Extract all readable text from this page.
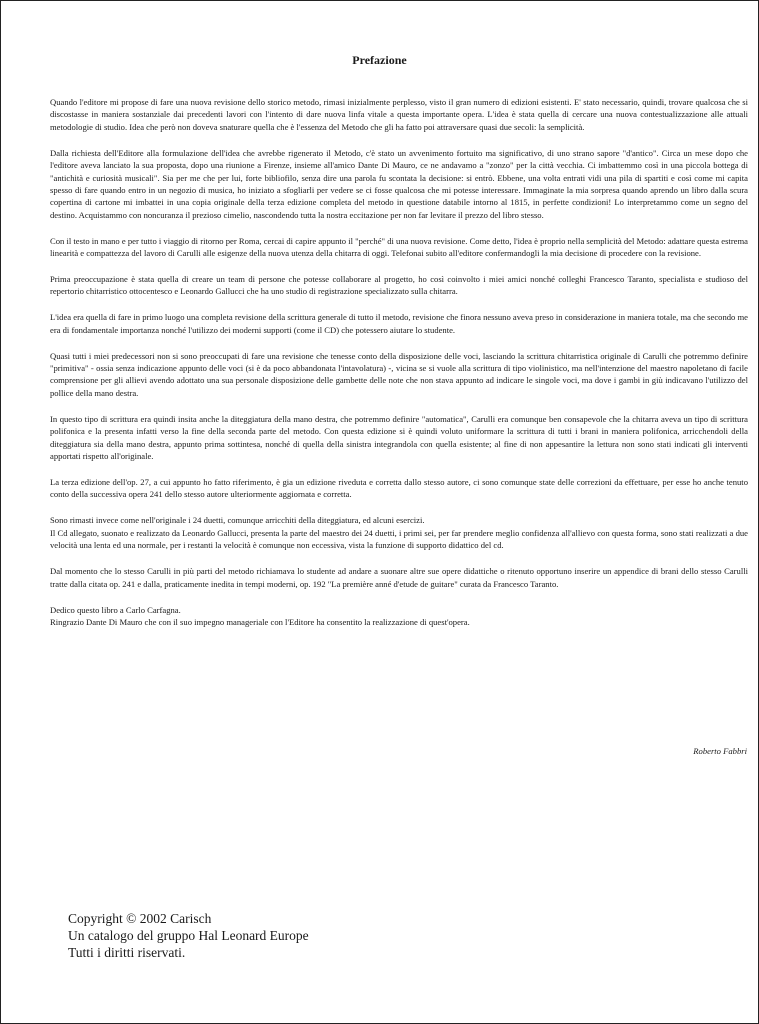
Prefazione

Quando l'editore mi propose di fare una nuova revisione dello storico metodo, rimasi inizialmente perplesso, visto il gran numero di edizioni esistenti. E' stato necessario, quindi, trovare qualcosa che si discostasse in maniera sostanziale dai precedenti lavori con l'intento di dare nuova linfa vitale a questa importante opera. L'idea è stata quella di cercare una nuova contestualizzazione alle attuali metodologie di studio. Idea che però non doveva snaturare quella che è l'essenza del Metodo che gli ha fatto poi attraversare quasi due secoli: la semplicità.

Dalla richiesta dell'Editore alla formulazione dell'idea che avrebbe rigenerato il Metodo, c'è stato un avvenimento fortuito ma significativo, di uno strano sapore "d'antico". Circa un mese dopo che l'editore aveva lanciato la sua proposta, dopo una riunione a Firenze, insieme all'amico Dante Di Mauro, ce ne andavamo a "zonzo" per la città vecchia. Ci imbattemmo così in una piccola bottega di "antichità e curiosità musicali". Sia per me che per lui, forte bibliofilo, senza dire una parola fu scontata la decisione: si entrò. Ebbene, una volta entrati vidi una pila di spartiti e così come mi capita spesso di fare quando entro in un negozio di musica, ho iniziato a sfogliarli per vedere se ci fosse qualcosa che mi potesse interessare. Immaginate la mia sorpresa quando aprendo un libro dalla scura copertina di cartone mi imbattei in una copia originale della terza edizione completa del metodo in questione databile intorno al 1815, in perfette condizioni! Lo interpretammo come un segno del destino. Acquistammo con noncuranza il prezioso cimelio, nascondendo tutta la nostra eccitazione per non far levitare il prezzo del libro stesso.

Con il testo in mano e per tutto i viaggio di ritorno per Roma, cercai di capire appunto il "perché" di una nuova revisione. Come detto, l'idea è proprio nella semplicità del Metodo: adattare questa estrema linearità e compattezza del lavoro di Carulli alle esigenze della nuova utenza della chitarra di oggi. Telefonai subito all'editore confermandogli la mia decisione di procedere con la revisione.

Prima preoccupazione è stata quella di creare un team di persone che potesse collaborare al progetto, ho così coinvolto i miei amici nonché colleghi Francesco Taranto, specialista e studioso del repertorio chitarristico ottocentesco e Leonardo Gallucci che ha uno studio di registrazione specializzato sulla chitarra.

L'idea era quella di fare in primo luogo una completa revisione della scrittura generale di tutto il metodo, revisione che finora nessuno aveva preso in considerazione in maniera totale, ma che secondo me era di fondamentale importanza nonché l'utilizzo dei moderni supporti (come il CD) che potessero aiutare lo studente.

Quasi tutti i miei predecessori non si sono preoccupati di fare una revisione che tenesse conto della disposizione delle voci, lasciando la scrittura chitarristica originale di Carulli che potremmo definire "primitiva" - ossia senza indicazione appunto delle voci (si è da poco abbandonata l'intavolatura) -, vicina se si vuole alla scrittura di tipo violinistico, ma nell'intenzione del maestro napoletano di facile comprensione per gli allievi avendo adottato una sua personale disposizione delle gambette delle note che non stava appunto ad indicare le singole voci, ma dove i gambi in giù indicavano l'utilizzo del pollice della mano destra.

In questo tipo di scrittura era quindi insita anche la diteggiatura della mano destra, che potremmo definire "automatica", Carulli era comunque ben consapevole che la chitarra aveva un tipo di scrittura polifonica e la presenta infatti verso la fine della seconda parte del metodo. Con questa edizione si è quindi voluto uniformare la scrittura di tutti i brani in maniera polifonica, arricchendoli della diteggiatura sia della mano destra, appunto prima sottintesa, nonché di quella della sinistra integrandola con quella esistente; al fine di non appesantire la lettura non sono stati indicati gli interventi apportati rispetto all'originale.

La terza edizione dell'op. 27, a cui appunto ho fatto riferimento, è gia un edizione riveduta e corretta dallo stesso autore, ci sono comunque state delle correzioni da effettuare, per esse ho anche tenuto conto della successiva opera 241 dello stesso autore ulteriormente aggiornata e corretta.

Sono rimasti invece come nell'originale i 24 duetti, comunque arricchiti della diteggiatura, ed alcuni esercizi.

Il Cd allegato, suonato e realizzato da Leonardo Gallucci, presenta la parte del maestro dei 24 duetti, i primi sei, per far prendere meglio confidenza all'allievo con questa forma, sono stati realizzati a due velocità una lenta ed una normale, per i restanti la velocità è comunque non eccessiva, vista la funzione di supporto didattico del cd.

Dal momento che lo stesso Carulli in più parti del metodo richiamava lo studente ad andare a suonare altre sue opere didattiche o ritenuto opportuno inserire un appendice di brani dello stesso Carulli tratte dalla citata op. 241 e dalla, praticamente inedita in tempi moderni, op. 192 "La première anné d'etude de guitare" curata da Francesco Taranto.

Dedico questo libro a Carlo Carfagna.

Ringrazio Dante Di Mauro che con il suo impegno manageriale con l'Editore ha consentito la realizzazione di quest'opera.

Roberto Fabbri

Copyright © 2002 Carisch
Un catalogo del gruppo Hal Leonard Europe
Tutti i diritti riservati.
